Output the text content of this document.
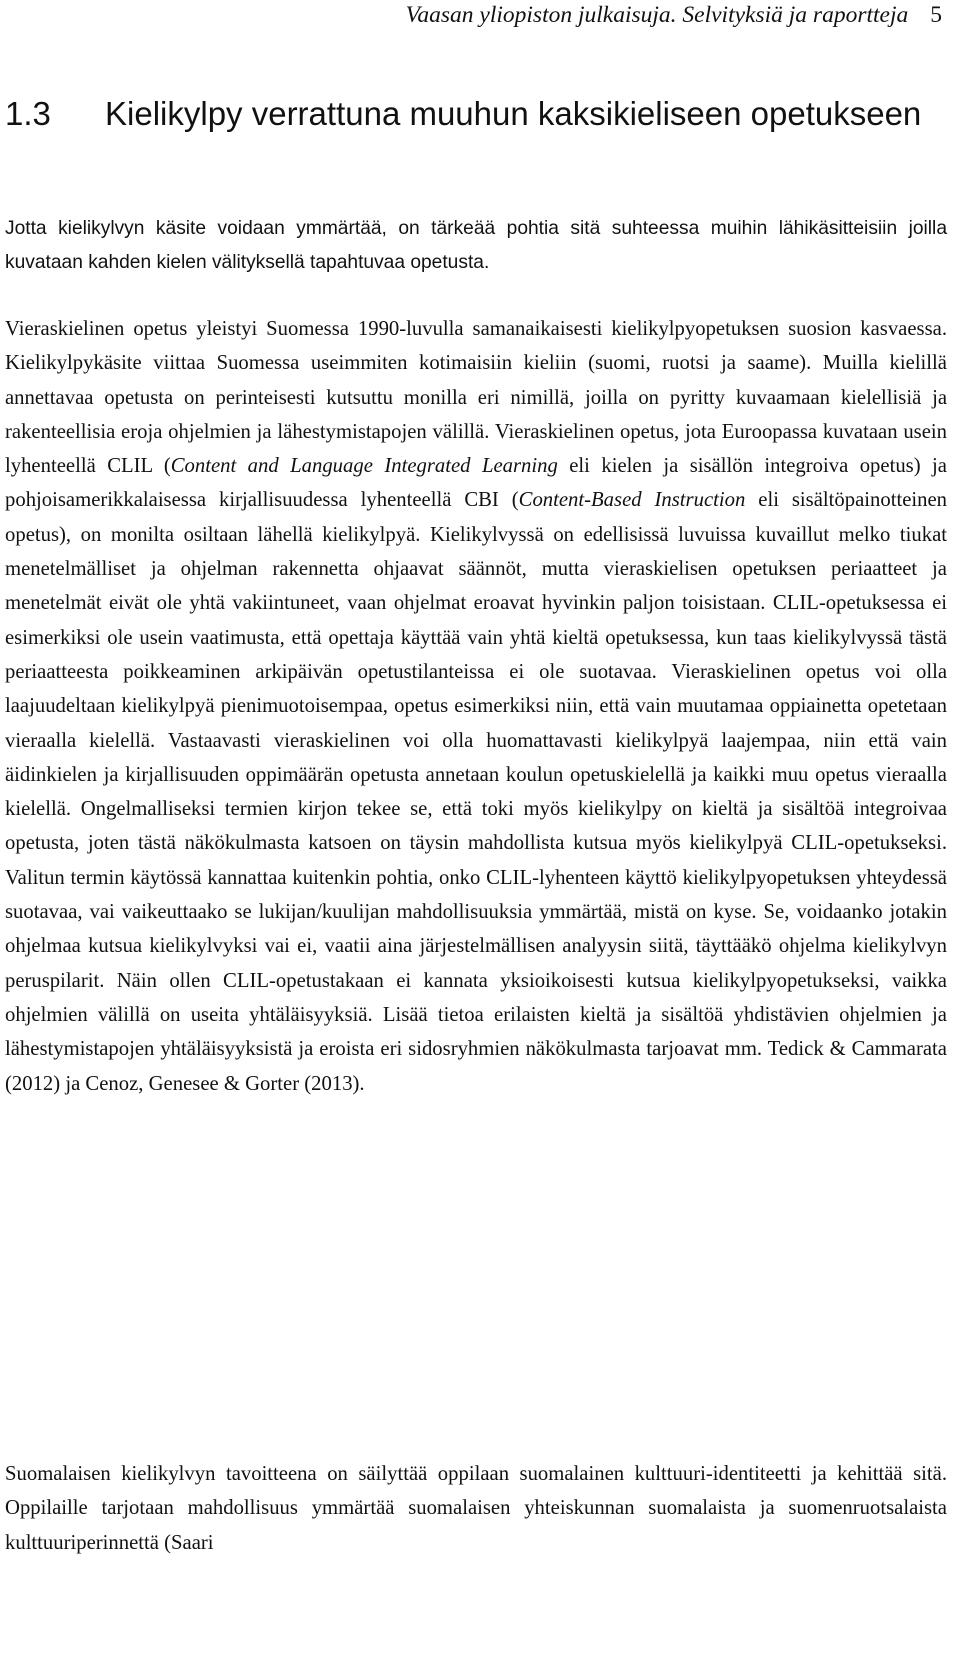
Vaasan yliopiston julkaisuja. Selvityksiä ja raportteja 5
1.3 Kielikylpy verrattuna muuhun kaksikieliseen opetukseen

Jotta kielikylvyn käsite voidaan ymmärtää, on tärkeää pohtia sitä suhteessa muihin lähikäsitteisiin joilla kuvataan kahden kielen välityksellä tapahtuvaa opetusta.

Vieraskielinen opetus yleistyi Suomessa 1990-luvulla samanaikaisesti kielikylpyopetuksen suosion kasvaessa. Kielikylpykäsite viittaa Suomessa useimmiten kotimaisiin kieliin (suomi, ruotsi ja saame). Muilla kielillä annettavaa opetusta on perinteisesti kutsuttu monilla eri nimillä, joilla on pyritty kuvaamaan kielellisiä ja rakenteellisia eroja ohjelmien ja lähestymistapojen välillä. Vieraskielinen opetus, jota Euroopassa kuvataan usein lyhenteellä CLIL (Content and Language Integrated Learning eli kielen ja sisällön integroiva opetus) ja pohjoisamerikkalaisessa kirjallisuudessa lyhenteellä CBI (Content-Based Instruction eli sisältöpainotteinen opetus), on monilta osiltaan lähellä kielikylpyä. Kielikylvyssä on edellisissä luvuissa kuvaillut melko tiukat menetelmälliset ja ohjelman rakennetta ohjaavat säännöt, mutta vieraskielisen opetuksen periaatteet ja menetelmät eivät ole yhtä vakiintuneet, vaan ohjelmat eroavat hyvinkin paljon toisistaan. CLIL-opetuksessa ei esimerkiksi ole usein vaatimusta, että opettaja käyttää vain yhtä kieltä opetuksessa, kun taas kielikylvyssä tästä periaatteesta poikkeaminen arkipäivän opetustilanteissa ei ole suotavaa. Vieraskielinen opetus voi olla laajuudeltaan kielikylpyä pienimuotoisempaa, opetus esimerkiksi niin, että vain muutamaa oppiainetta opetetaan vieraalla kielellä. Vastaavasti vieraskielinen voi olla huomattavasti kielikylpyä laajempaa, niin että vain äidinkielen ja kirjallisuuden oppimäärän opetusta annetaan koulun opetuskielellä ja kaikki muu opetus vieraalla kielellä. Ongelmalliseksi termien kirjon tekee se, että toki myös kielikylpy on kieltä ja sisältöä integroivaa opetusta, joten tästä näkökulmasta katsoen on täysin mahdollista kutsua myös kielikylpyä CLIL-opetukseksi. Valitun termin käytössä kannattaa kuitenkin pohtia, onko CLIL-lyhenteen käyttö kielikylpyopetuksen yhteydessä suotavaa, vai vaikeuttaako se lukijan/kuulijan mahdollisuuksia ymmärtää, mistä on kyse. Se, voidaanko jotakin ohjelmaa kutsua kielikylvyksi vai ei, vaatii aina järjestelmällisen analyysin siitä, täyttääkö ohjelma kielikylvyn peruspilarit. Näin ollen CLIL-opetustakaan ei kannata yksioikoisesti kutsua kielikylpyopetukseksi, vaikka ohjelmien välillä on useita yhtäläisyyksiä. Lisää tietoa erilaisten kieltä ja sisältöä yhdistävien ohjelmien ja lähestymistapojen yhtäläisyyksistä ja eroista eri sidosryhmien näkökulmasta tarjoavat mm. Tedick & Cammarata (2012) ja Cenoz, Genesee & Gorter (2013).

Suomalaisen kielikylvyn tavoitteena on säilyttää oppilaan suomalainen kulttuuri-identiteetti ja kehittää sitä. Oppilaille tarjotaan mahdollisuus ymmärtää suomalaisen yhteiskunnan suomalaista ja suomenruotsalaista kulttuuriperinnettä (Saari
